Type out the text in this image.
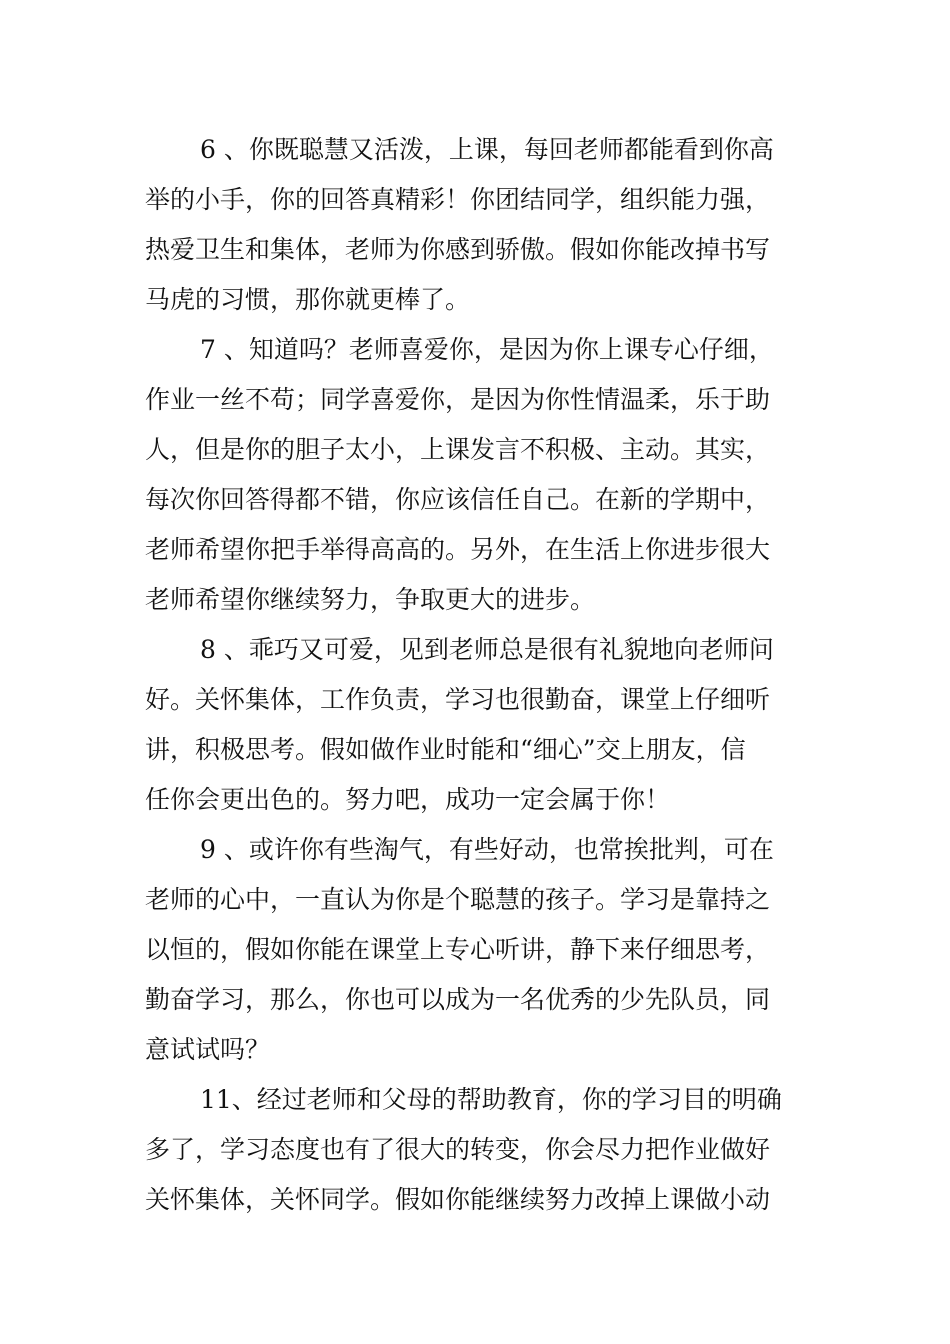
6 、你既聪慧又活泼，上课，每回老师都能看到你高
举的小手，你的回答真精彩！你团结同学，组织能力强，
热爱卫生和集体，老师为你感到骄傲。假如你能改掉书写
马虎的习惯，那你就更棒了。
7 、知道吗？老师喜爱你，是因为你上课专心仔细，
作业一丝不苟；同学喜爱你，是因为你性情温柔，乐于助
人，但是你的胆子太小，上课发言不积极、主动。其实，
每次你回答得都不错，你应该信任自己。在新的学期中，
老师希望你把手举得高高的。另外，在生活上你进步很大
老师希望你继续努力，争取更大的进步。
8 、乖巧又可爱，见到老师总是很有礼貌地向老师问
好。关怀集体，工作负责，学习也很勤奋，课堂上仔细听
讲，积极思考。假如做作业时能和“细心”交上朋友，信
任你会更出色的。努力吧，成功一定会属于你！
9 、或许你有些淘气，有些好动，也常挨批判，可在
老师的心中，一直认为你是个聪慧的孩子。学习是靠持之
以恒的，假如你能在课堂上专心听讲，静下来仔细思考，
勤奋学习，那么，你也可以成为一名优秀的少先队员，同
意试试吗？
11、经过老师和父母的帮助教育，你的学习目的明确
多了，学习态度也有了很大的转变，你会尽力把作业做好
关怀集体，关怀同学。假如你能继续努力改掉上课做小动
